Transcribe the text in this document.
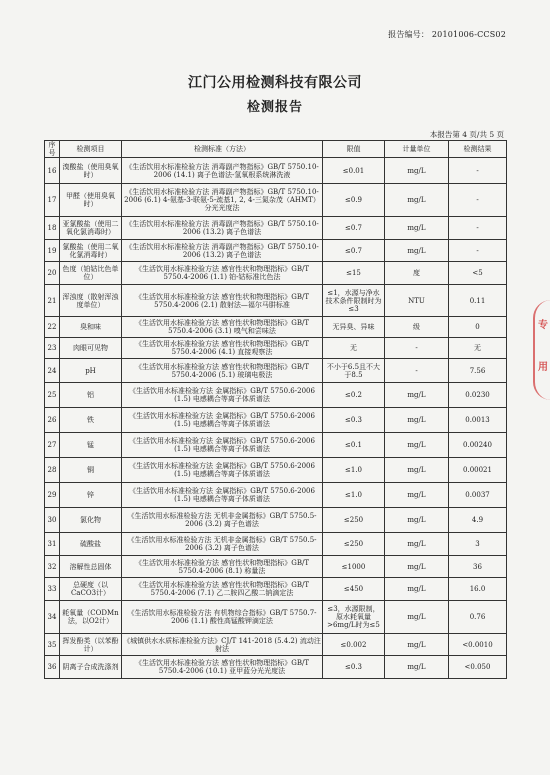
报告编号： 20101006-CCS02
江门公用检测科技有限公司
检测报告
本报告第 4 页/共 5 页
序号	检测项目	检测标准（方法）	限值	计量单位	检测结果
16	溴酸盐（使用臭氧时）	《生活饮用水标准检验方法 消毒副产物指标》GB/T 5750.10-2006 (14.1) 离子色谱法-氢氧根系统淋洗液	≤0.01	mg/L	-
17	甲醛（使用臭氧时）	《生活饮用水标准检验方法 消毒副产物指标》GB/T 5750.10-2006 (6.1) 4-氨基-3-联氨-5-巯基1, 2, 4-三氮杂茂（AHMT）分光光度法	≤0.9	mg/L	-
18	亚氯酸盐（使用二氧化氯消毒时）	《生活饮用水标准检验方法 消毒副产物指标》GB/T 5750.10-2006 (13.2) 离子色谱法	≤0.7	mg/L	-
19	氯酸盐（使用二氧化氯消毒时）	《生活饮用水标准检验方法 消毒副产物指标》GB/T 5750.10-2006 (13.2) 离子色谱法	≤0.7	mg/L	-
20	色度（铂钴比色单位）	《生活饮用水标准检验方法 感官性状和物理指标》GB/T 5750.4-2006 (1.1) 铂-钴标准比色法	≤15	度	<5
21	浑浊度（散射浑浊度单位）	《生活饮用水标准检验方法 感官性状和物理指标》GB/T 5750.4-2006 (2.1) 散射法—福尔马肼标准	≤1，水源与净水技术条件限制时为≤3	NTU	0.11
22	臭和味	《生活饮用水标准检验方法 感官性状和物理指标》GB/T 5750.4-2006 (3.1) 嗅气和尝味法	无异臭、异味	级	0
23	肉眼可见物	《生活饮用水标准检验方法 感官性状和物理指标》GB/T 5750.4-2006 (4.1) 直接观察法	无	-	无
24	pH	《生活饮用水标准检验方法 感官性状和物理指标》GB/T 5750.4-2006 (5.1) 玻璃电极法	不小于6.5且不大于8.5	-	7.56
25	铝	《生活饮用水标准检验方法 金属指标》GB/T 5750.6-2006 (1.5) 电感耦合等离子体质谱法	≤0.2	mg/L	0.0230
26	铁	《生活饮用水标准检验方法 金属指标》GB/T 5750.6-2006 (1.5) 电感耦合等离子体质谱法	≤0.3	mg/L	0.0013
27	锰	《生活饮用水标准检验方法 金属指标》GB/T 5750.6-2006 (1.5) 电感耦合等离子体质谱法	≤0.1	mg/L	0.00240
28	铜	《生活饮用水标准检验方法 金属指标》GB/T 5750.6-2006 (1.5) 电感耦合等离子体质谱法	≤1.0	mg/L	0.00021
29	锌	《生活饮用水标准检验方法 金属指标》GB/T 5750.6-2006 (1.5) 电感耦合等离子体质谱法	≤1.0	mg/L	0.0037
30	氯化物	《生活饮用水标准检验方法 无机非金属指标》GB/T 5750.5-2006 (3.2) 离子色谱法	≤250	mg/L	4.9
31	硫酸盐	《生活饮用水标准检验方法 无机非金属指标》GB/T 5750.5-2006 (3.2) 离子色谱法	≤250	mg/L	3
32	溶解性总固体	《生活饮用水标准检验方法 感官性状和物理指标》GB/T 5750.4-2006 (8.1) 称量法	≤1000	mg/L	36
33	总硬度（以CaCO3计）	《生活饮用水标准检验方法 感官性状和物理指标》GB/T 5750.4-2006 (7.1) 乙二胺四乙酸二钠滴定法	≤450	mg/L	16.0
34	耗氧量（CODMn法，以O2计）	《生活饮用水标准检验方法 有机物综合指标》GB/T 5750.7-2006 (1.1) 酸性高锰酸钾滴定法	≤3，水源限制，原水耗氧量>6mg/L时为≤5	mg/L	0.76
35	挥发酚类（以苯酚计）	《城镇供水水质标准检验方法》CJ/T 141-2018 (5.4.2) 流动注射法	≤0.002	mg/L	<0.0010
36	阴离子合成洗涤剂	《生活饮用水标准检验方法 感官性状和物理指标》GB/T 5750.4-2006 (10.1) 亚甲蓝分光光度法	≤0.3	mg/L	<0.050
专
用
